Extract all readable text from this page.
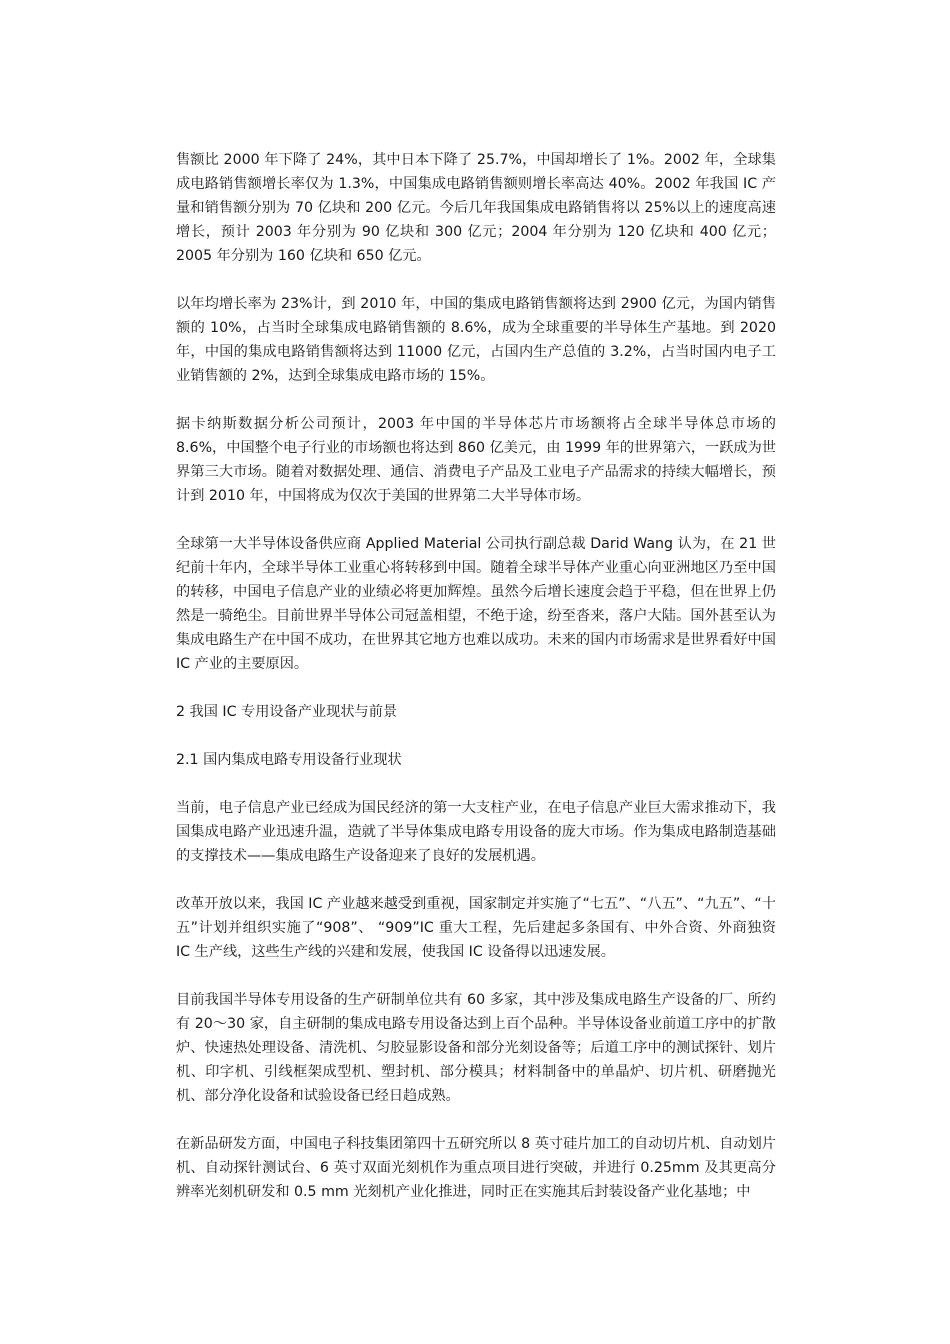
售额比 2000 年下降了 24%，其中日本下降了 25.7%，中国却增长了 1%。2002 年，全球集成电路销售额增长率仅为 1.3%，中国集成电路销售额则增长率高达 40%。2002 年我国 IC 产量和销售额分别为 70 亿块和 200 亿元。今后几年我国集成电路销售将以 25%以上的速度高速增长，预计 2003 年分别为 90 亿块和 300 亿元；2004 年分别为 120 亿块和 400 亿元；2005 年分别为 160 亿块和 650 亿元。

以年均增长率为 23%计，到 2010 年，中国的集成电路销售额将达到 2900 亿元，为国内销售额的 10%，占当时全球集成电路销售额的 8.6%，成为全球重要的半导体生产基地。到 2020 年，中国的集成电路销售额将达到 11000 亿元，占国内生产总值的 3.2%，占当时国内电子工业销售额的 2%，达到全球集成电路市场的 15%。

据卡纳斯数据分析公司预计，2003 年中国的半导体芯片市场额将占全球半导体总市场的 8.6%，中国整个电子行业的市场额也将达到 860 亿美元，由 1999 年的世界第六，一跃成为世界第三大市场。随着对数据处理、通信、消费电子产品及工业电子产品需求的持续大幅增长，预计到 2010 年，中国将成为仅次于美国的世界第二大半导体市场。

全球第一大半导体设备供应商 Applied Material 公司执行副总裁 Darid Wang 认为，在 21 世纪前十年内，全球半导体工业重心将转移到中国。随着全球半导体产业重心向亚洲地区乃至中国的转移，中国电子信息产业的业绩必将更加辉煌。虽然今后增长速度会趋于平稳，但在世界上仍然是一骑绝尘。目前世界半导体公司冠盖相望，不绝于途，纷至沓来，落户大陆。国外甚至认为集成电路生产在中国不成功，在世界其它地方也难以成功。未来的国内市场需求是世界看好中国 IC 产业的主要原因。

2 我国 IC 专用设备产业现状与前景

2.1 国内集成电路专用设备行业现状

当前，电子信息产业已经成为国民经济的第一大支柱产业，在电子信息产业巨大需求推动下，我国集成电路产业迅速升温，造就了半导体集成电路专用设备的庞大市场。作为集成电路制造基础的支撑技术——集成电路生产设备迎来了良好的发展机遇。

改革开放以来，我国 IC 产业越来越受到重视，国家制定并实施了“七五”、“八五”、“九五”、“十五”计划并组织实施了“908”、 “909”IC 重大工程，先后建起多条国有、中外合资、外商独资 IC 生产线，这些生产线的兴建和发展，使我国 IC 设备得以迅速发展。

目前我国半导体专用设备的生产研制单位共有 60 多家，其中涉及集成电路生产设备的厂、所约有 20～30 家，自主研制的集成电路专用设备达到上百个品种。半导体设备业前道工序中的扩散炉、快速热处理设备、清洗机、匀胶显影设备和部分光刻设备等；后道工序中的测试探针、划片机、印字机、引线框架成型机、塑封机、部分模具；材料制备中的单晶炉、切片机、研磨抛光机、部分净化设备和试验设备已经日趋成熟。

在新品研发方面，中国电子科技集团第四十五研究所以 8 英寸硅片加工的自动切片机、自动划片机、自动探针测试台、6 英寸双面光刻机作为重点项目进行突破，并进行 0.25mm 及其更高分辨率光刻机研发和 0.5 mm 光刻机产业化推进，同时正在实施其后封装设备产业化基地；中
